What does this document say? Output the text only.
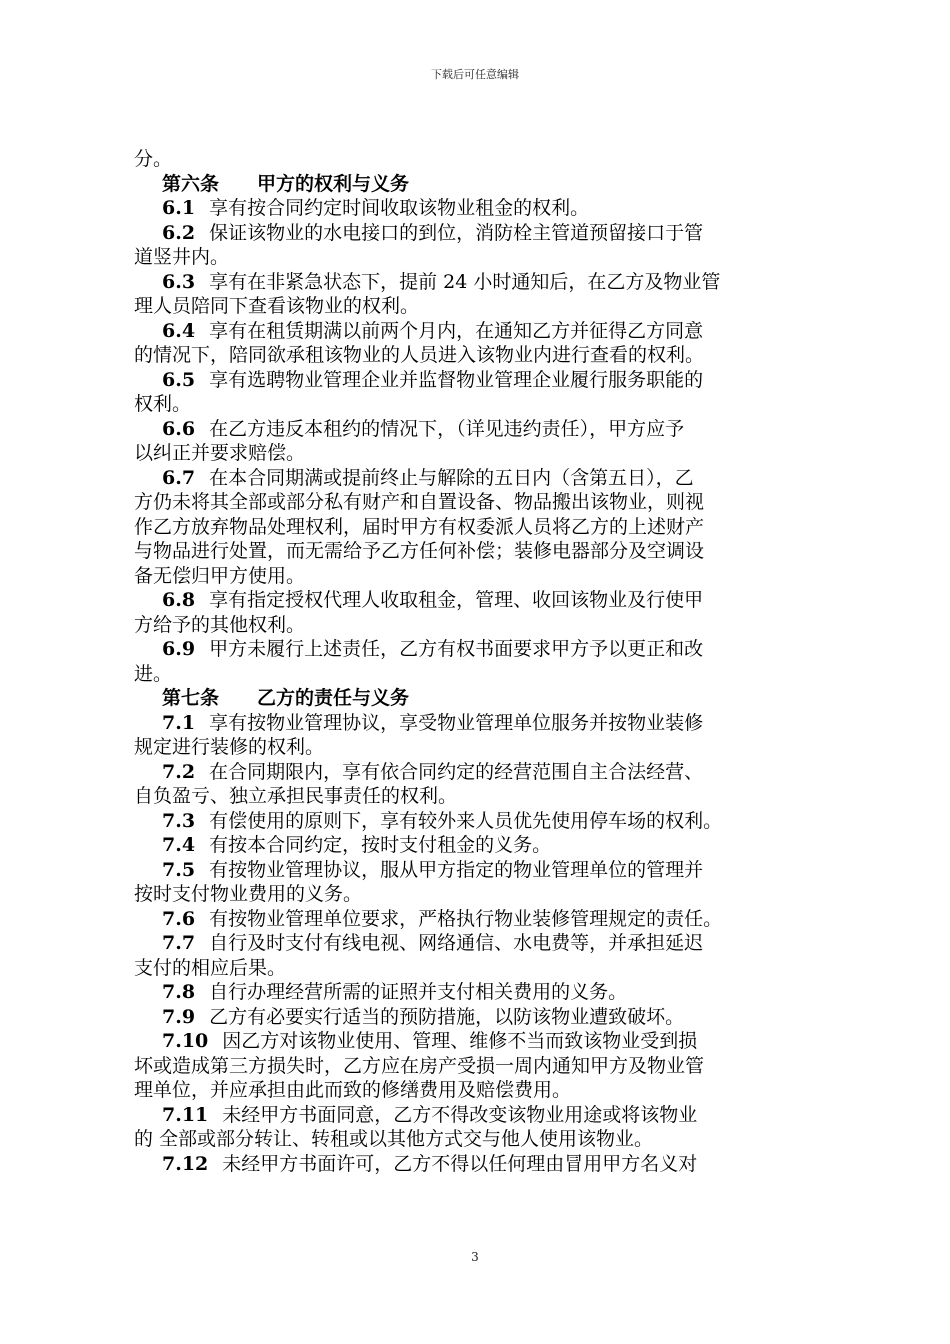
下载后可任意编辑
分。
第六条 甲方的权利与义务
6.1 享有按合同约定时间收取该物业租金的权利。
6.2 保证该物业的水电接口的到位，消防栓主管道预留接口于管
道竖井内。
6.3 享有在非紧急状态下，提前 24 小时通知后，在乙方及物业管
理人员陪同下查看该物业的权利。
6.4 享有在租赁期满以前两个月内，在通知乙方并征得乙方同意
的情况下，陪同欲承租该物业的人员进入该物业内进行查看的权利。
6.5 享有选聘物业管理企业并监督物业管理企业履行服务职能的
权利。
6.6 在乙方违反本租约的情况下，（详见违约责任），甲方应予
以纠正并要求赔偿。
6.7 在本合同期满或提前终止与解除的五日内（含第五日），乙
方仍未将其全部或部分私有财产和自置设备、物品搬出该物业，则视
作乙方放弃物品处理权利，届时甲方有权委派人员将乙方的上述财产
与物品进行处置，而无需给予乙方任何补偿；装修电器部分及空调设
备无偿归甲方使用。
6.8 享有指定授权代理人收取租金，管理、收回该物业及行使甲
方给予的其他权利。
6.9 甲方未履行上述责任，乙方有权书面要求甲方予以更正和改
进。
第七条 乙方的责任与义务
7.1 享有按物业管理协议，享受物业管理单位服务并按物业装修
规定进行装修的权利。
7.2 在合同期限内，享有依合同约定的经营范围自主合法经营、
自负盈亏、独立承担民事责任的权利。
7.3 有偿使用的原则下，享有较外来人员优先使用停车场的权利。
7.4 有按本合同约定，按时支付租金的义务。
7.5 有按物业管理协议，服从甲方指定的物业管理单位的管理并
按时支付物业费用的义务。
7.6 有按物业管理单位要求，严格执行物业装修管理规定的责任。
7.7 自行及时支付有线电视、网络通信、水电费等，并承担延迟
支付的相应后果。
7.8 自行办理经营所需的证照并支付相关费用的义务。
7.9 乙方有必要实行适当的预防措施，以防该物业遭致破坏。
7.10 因乙方对该物业使用、管理、维修不当而致该物业受到损
坏或造成第三方损失时，乙方应在房产受损一周内通知甲方及物业管
理单位，并应承担由此而致的修缮费用及赔偿费用。
7.11 未经甲方书面同意，乙方不得改变该物业用途或将该物业
的 全部或部分转让、转租或以其他方式交与他人使用该物业。
7.12 未经甲方书面许可，乙方不得以任何理由冒用甲方名义对
3
